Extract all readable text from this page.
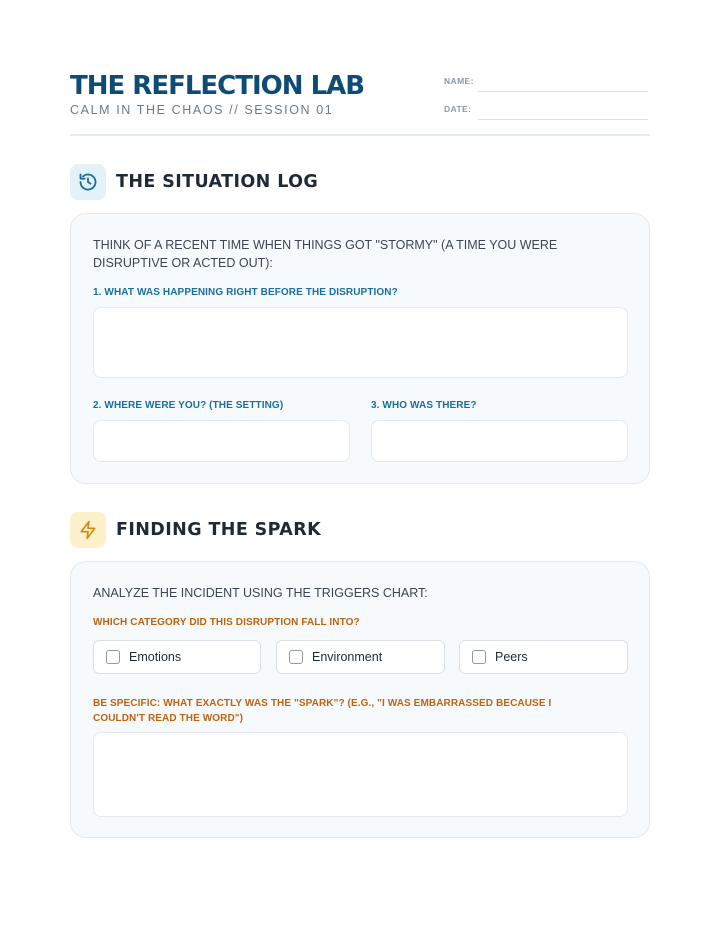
THE REFLECTION LAB
CALM IN THE CHAOS // SESSION 01
NAME:
DATE:
THE SITUATION LOG
THINK OF A RECENT TIME WHEN THINGS GOT "STORMY" (A TIME YOU WERE DISRUPTIVE OR ACTED OUT):
1. WHAT WAS HAPPENING RIGHT BEFORE THE DISRUPTION?
2. WHERE WERE YOU? (THE SETTING)	3. WHO WAS THERE?
FINDING THE SPARK
ANALYZE THE INCIDENT USING THE TRIGGERS CHART:
WHICH CATEGORY DID THIS DISRUPTION FALL INTO?
Emotions	Environment	Peers
BE SPECIFIC: WHAT EXACTLY WAS THE "SPARK"? (E.G., "I WAS EMBARRASSED BECAUSE I COULDN'T READ THE WORD")
